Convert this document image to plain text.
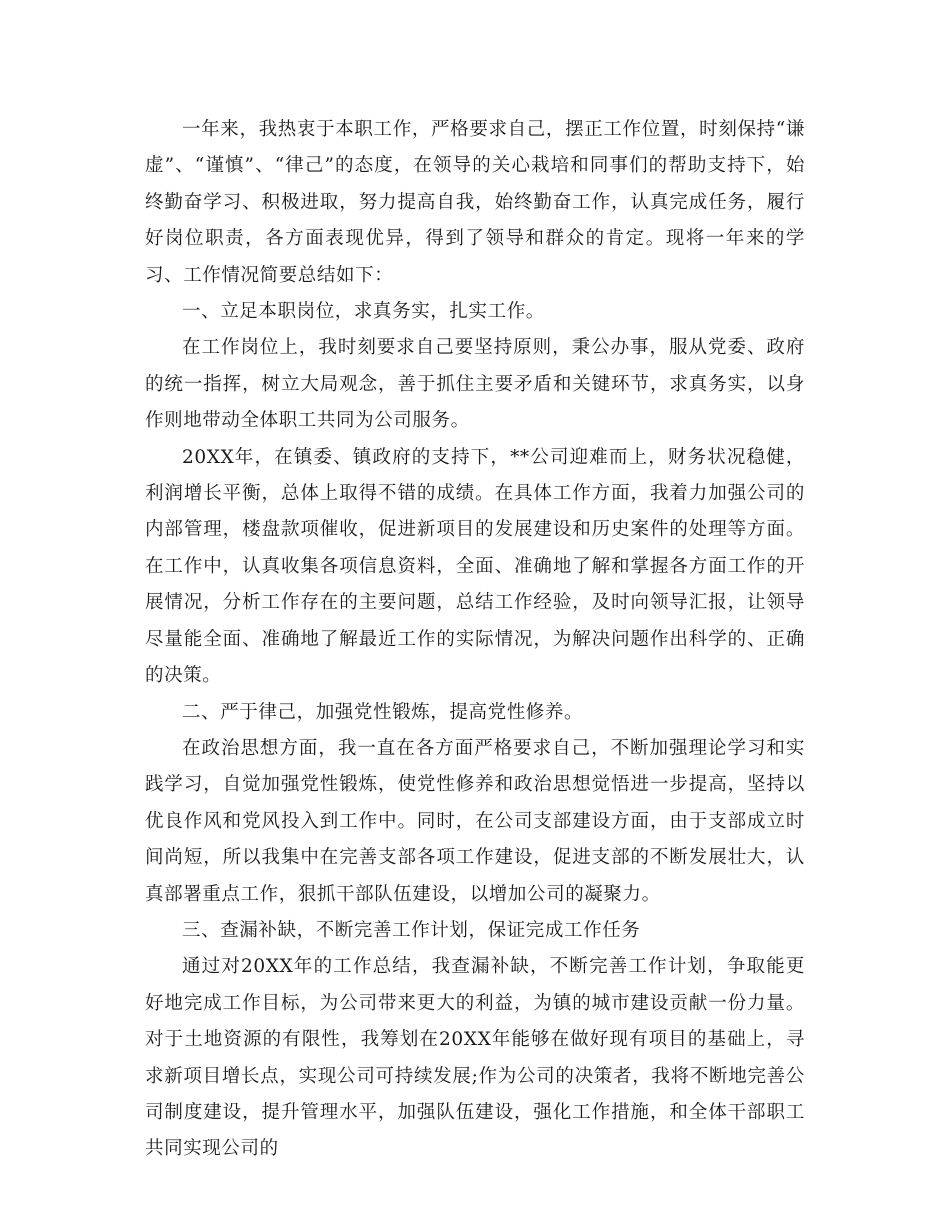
一年来，我热衷于本职工作，严格要求自己，摆正工作位置，时刻保持“谦虚”、“谨慎”、“律己”的态度，在领导的关心栽培和同事们的帮助支持下，始终勤奋学习、积极进取，努力提高自我，始终勤奋工作，认真完成任务，履行好岗位职责，各方面表现优异，得到了领导和群众的肯定。现将一年来的学习、工作情况简要总结如下：

一、立足本职岗位，求真务实，扎实工作。

在工作岗位上，我时刻要求自己要坚持原则，秉公办事，服从党委、政府的统一指挥，树立大局观念，善于抓住主要矛盾和关键环节，求真务实，以身作则地带动全体职工共同为公司服务。

20XX年，在镇委、镇政府的支持下，**公司迎难而上，财务状况稳健，利润增长平衡，总体上取得不错的成绩。在具体工作方面，我着力加强公司的内部管理，楼盘款项催收，促进新项目的发展建设和历史案件的处理等方面。在工作中，认真收集各项信息资料，全面、准确地了解和掌握各方面工作的开展情况，分析工作存在的主要问题，总结工作经验，及时向领导汇报，让领导尽量能全面、准确地了解最近工作的实际情况，为解决问题作出科学的、正确的决策。

二、严于律己，加强党性锻炼，提高党性修养。

在政治思想方面，我一直在各方面严格要求自己，不断加强理论学习和实践学习，自觉加强党性锻炼，使党性修养和政治思想觉悟进一步提高，坚持以优良作风和党风投入到工作中。同时，在公司支部建设方面，由于支部成立时间尚短，所以我集中在完善支部各项工作建设，促进支部的不断发展壮大，认真部署重点工作，狠抓干部队伍建设，以增加公司的凝聚力。

三、查漏补缺，不断完善工作计划，保证完成工作任务

通过对20XX年的工作总结，我查漏补缺，不断完善工作计划，争取能更好地完成工作目标，为公司带来更大的利益，为镇的城市建设贡献一份力量。对于土地资源的有限性，我筹划在20XX年能够在做好现有项目的基础上，寻求新项目增长点，实现公司可持续发展;作为公司的决策者，我将不断地完善公司制度建设，提升管理水平，加强队伍建设，强化工作措施，和全体干部职工共同实现公司的
